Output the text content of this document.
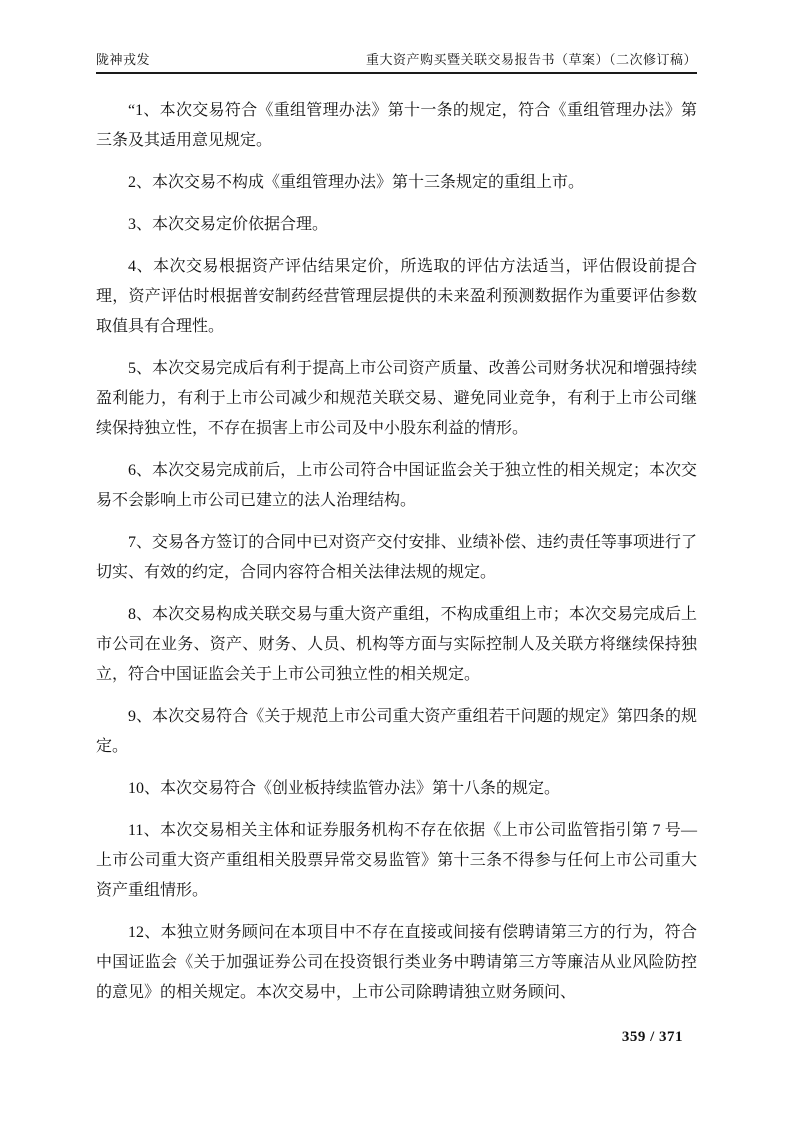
陇神戎发	重大资产购买暨关联交易报告书（草案）（二次修订稿）

“1、本次交易符合《重组管理办法》第十一条的规定，符合《重组管理办法》第三条及其适用意见规定。

2、本次交易不构成《重组管理办法》第十三条规定的重组上市。

3、本次交易定价依据合理。

4、本次交易根据资产评估结果定价，所选取的评估方法适当，评估假设前提合理，资产评估时根据普安制药经营管理层提供的未来盈利预测数据作为重要评估参数取值具有合理性。

5、本次交易完成后有利于提高上市公司资产质量、改善公司财务状况和增强持续盈利能力，有利于上市公司减少和规范关联交易、避免同业竞争，有利于上市公司继续保持独立性，不存在损害上市公司及中小股东利益的情形。

6、本次交易完成前后，上市公司符合中国证监会关于独立性的相关规定；本次交易不会影响上市公司已建立的法人治理结构。

7、交易各方签订的合同中已对资产交付安排、业绩补偿、违约责任等事项进行了切实、有效的约定，合同内容符合相关法律法规的规定。

8、本次交易构成关联交易与重大资产重组，不构成重组上市；本次交易完成后上市公司在业务、资产、财务、人员、机构等方面与实际控制人及关联方将继续保持独立，符合中国证监会关于上市公司独立性的相关规定。

9、本次交易符合《关于规范上市公司重大资产重组若干问题的规定》第四条的规定。

10、本次交易符合《创业板持续监管办法》第十八条的规定。

11、本次交易相关主体和证券服务机构不存在依据《上市公司监管指引第 7 号—上市公司重大资产重组相关股票异常交易监管》第十三条不得参与任何上市公司重大资产重组情形。

12、本独立财务顾问在本项目中不存在直接或间接有偿聘请第三方的行为，符合中国证监会《关于加强证券公司在投资银行类业务中聘请第三方等廉洁从业风险防控的意见》的相关规定。本次交易中，上市公司除聘请独立财务顾问、

359 / 371
